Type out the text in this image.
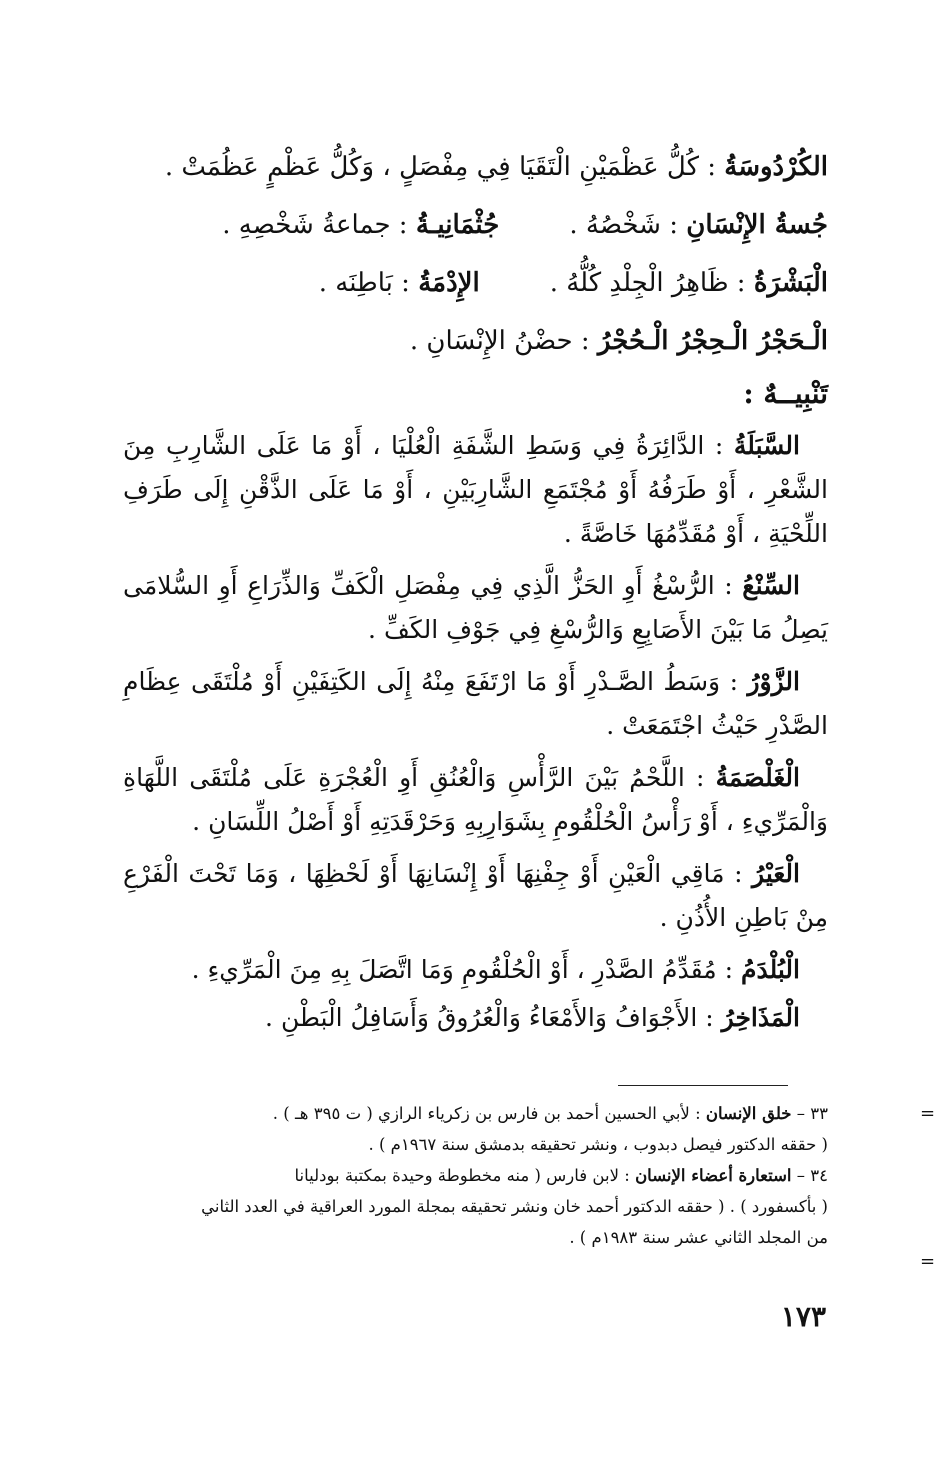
الكُرْدُوسَةُ : كُلُّ عَظْمَيْنِ الْتَقَيَا فِي مِفْصَلٍ ، وَكُلُّ عَظْمٍ عَظُمَتْ .
جُسةُ الإِنْسَانِ : شَخْصُهُ .جُثْمَانِيـةُ : جماعةُ شَخْصِهِ .
الْبَشْرَةُ : ظَاهِرُ الْجِلْدِ كُلُّهُ .الإِدْمَةُ : بَاطِنَه .
الْـحَجْرُ الْـحِجْرُ الْـحُجْرُ : حضْنُ الإِنْسَانِ .

تَنْبِيــهٌ :

السَّبَلَةُ : الدَّائِرَةُ فِي وَسَطِ الشَّفَةِ الْعُلْيَا ، أَوْ مَا عَلَى الشَّارِبِ مِنَ الشَّعْرِ ، أَوْ طَرَفُهُ أَوْ مُجْتَمَعِ الشَّارِبَيْنِ ، أَوْ مَا عَلَى الذَّقْنِ إِلَى طَرَفِ اللِّحْيَةِ ، أَوْ مُقَدِّمُهَا خَاصَّةً .

السِّنْعُ : الرُّسْغُ أَوِ الحَزُّ الَّذِي فِي مِفْصَلِ الْكَفِّ وَالذِّرَاعِ أَوِ السُّلامَى يَصِلُ مَا بَيْنَ الأَصَابِعِ وَالرُّسْغِ فِي جَوْفِ الكَفِّ .

الزَّوْرُ : وَسَطُ الصَّـدْرِ أَوْ مَا ارْتَفَعَ مِنْهُ إِلَى الكَتِفَيْنِ أَوْ مُلْتَقَى عِظَامِ الصَّدْرِ حَيْثُ اجْتَمَعَتْ .

الْغَلْصَمَةُ : اللَّحْمُ بَيْنَ الرَّأْسِ وَالْعُنُقِ أَوِ الْعُجْرَةِ عَلَى مُلْتَقَى اللَّهَاةِ وَالْمَرِّيءِ ، أَوْ رَأْسُ الْحُلْقُومِ بِشَوَارِبِهِ وَحَرْقَدَتِهِ أَوْ أَصْلُ اللِّسَانِ .

الْعَيْرُ : مَاقِي الْعَيْنِ أَوْ جِفْنِهَا أَوْ إِنْسَانِهَا أَوْ لَحْظِهَا ، وَمَا تَحْتَ الْفَرْعِ مِنْ بَاطِنِ الأُذُنِ .

الْبُلْدَمُ : مُقَدِّمُ الصَّدْرِ ، أَوْ الْحُلْقُومِ وَمَا اتَّصَلَ بِهِ مِنَ الْمَرِّيءِ .

الْمَذَاخِرُ : الأَجْوَافُ وَالأَمْعَاءُ وَالْعُرُوقُ وَأَسَافِلُ الْبَطْنِ .

=

٣٣ – خلق الإنسان : لأبي الحسين أحمد بن فارس بن زكرياء الرازي ( ت ٣٩٥ هـ ) .

( حققه الدكتور فيصل دبدوب ، ونشر تحقيقه بدمشق سنة ١٩٦٧م ) .

٣٤ – استعارة أعضاء الإنسان : لابن فارس ( منه مخطوطة وحيدة بمكتبة بودليانا

( بأكسفورد ) . ( حققه الدكتور أحمد خان ونشر تحقيقه بمجلة المورد العراقية في العدد الثاني

=

من المجلد الثاني عشر سنة ١٩٨٣م ) .

١٧٣
